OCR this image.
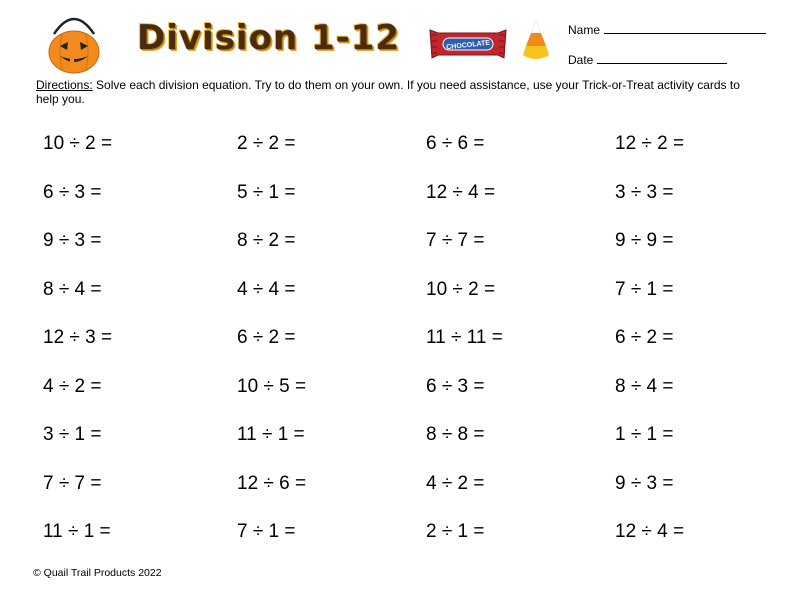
Division 1-12	CHOCOLATE
Name
Date
Directions: Solve each division equation. Try to do them on your own. If you need assistance, use your Trick-or-Treat activity cards to help you.
10 ÷ 2 =
6 ÷ 3 =
9 ÷ 3 =
8 ÷ 4 =
12 ÷ 3 =
4 ÷ 2 =
3 ÷ 1 =
7 ÷ 7 =
11 ÷ 1 =
2 ÷ 2 =
5 ÷ 1 =
8 ÷ 2 =
4 ÷ 4 =
6 ÷ 2 =
10 ÷ 5 =
11 ÷ 1 =
12 ÷ 6 =
7 ÷ 1 =
6 ÷ 6 =
12 ÷ 4 =
7 ÷ 7 =
10 ÷ 2 =
11 ÷ 11 =
6 ÷ 3 =
8 ÷ 8 =
4 ÷ 2 =
2 ÷ 1 =
12 ÷ 2 =
3 ÷ 3 =
9 ÷ 9 =
7 ÷ 1 =
6 ÷ 2 =
8 ÷ 4 =
1 ÷ 1 =
9 ÷ 3 =
12 ÷ 4 =
© Quail Trail Products 2022
